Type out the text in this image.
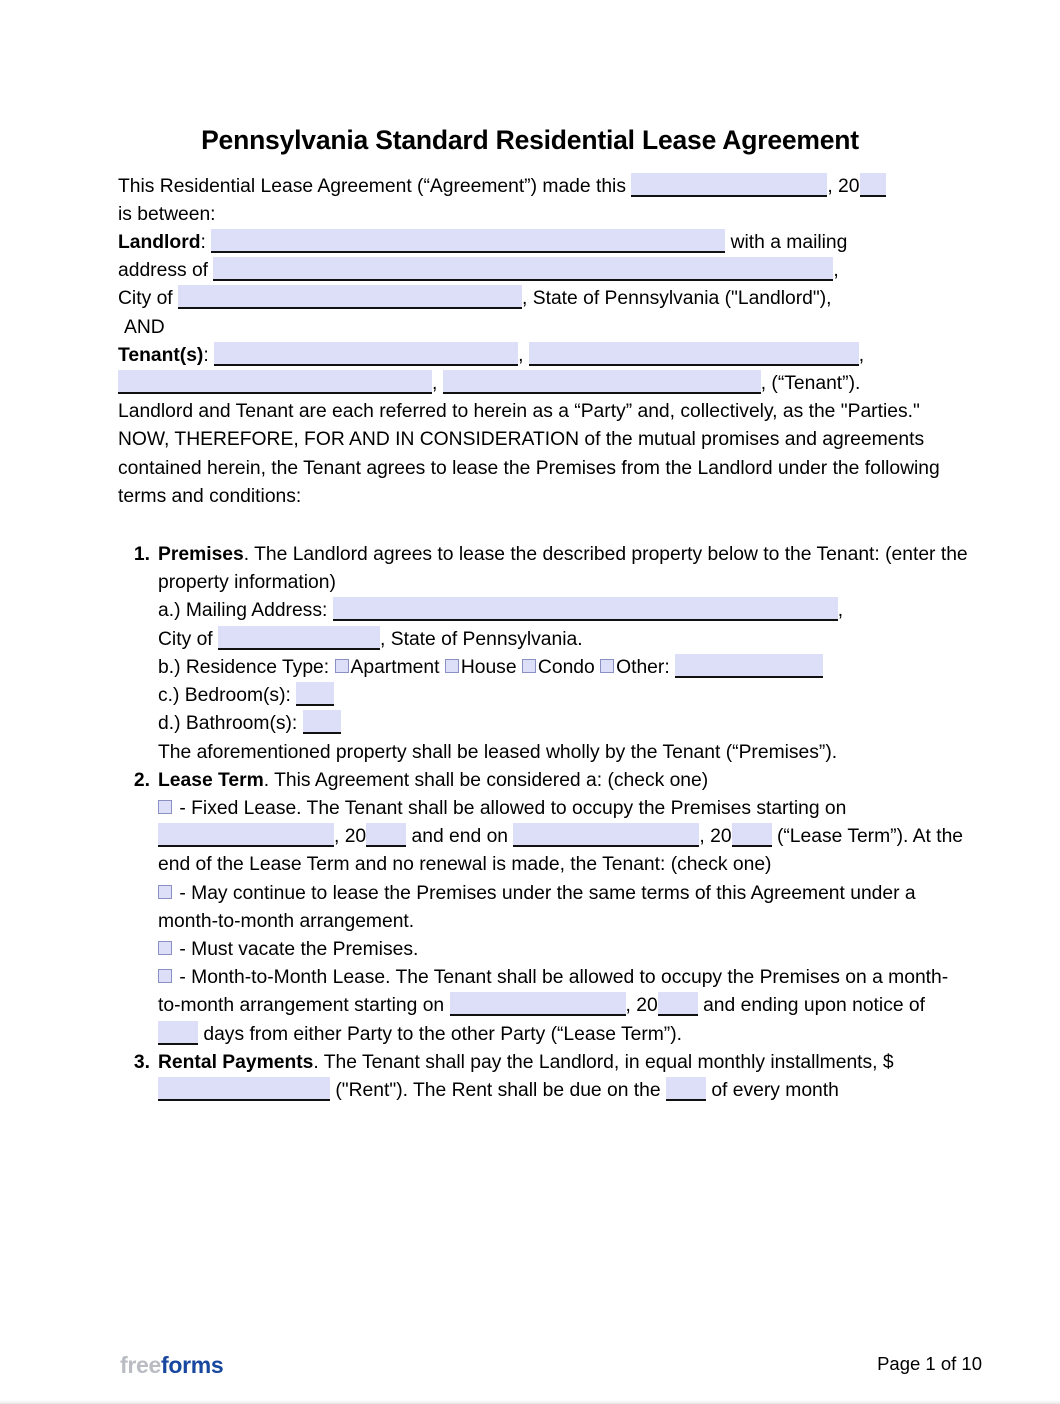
Pennsylvania Standard Residential Lease Agreement

This Residential Lease Agreement (“Agreement”) made this	, 20
is between:

Landlord:	with a mailing
address of	,
City of	, State of Pennsylvania ("Landlord"),
AND

Tenant(s):	,	,
,	, (“Tenant”).

Landlord and Tenant are each referred to herein as a “Party” and, collectively, as the "Parties."

NOW, THEREFORE, FOR AND IN CONSIDERATION of the mutual promises and agreements contained herein, the Tenant agrees to lease the Premises from the Landlord under the following terms and conditions:

1. Premises. The Landlord agrees to lease the described property below to the Tenant: (enter the property information)

a.) Mailing Address:	,

City of	, State of Pennsylvania.

b.) Residence Type: Apartment House Condo Other:

c.) Bedroom(s):

d.) Bathroom(s):

The aforementioned property shall be leased wholly by the Tenant (“Premises”).

2. Lease Term. This Agreement shall be considered a: (check one)

- Fixed Lease. The Tenant shall be allowed to occupy the Premises starting on , 20 and end on	, 20 (“Lease Term”). At the end of the Lease Term and no renewal is made, the Tenant: (check one)

- May continue to lease the Premises under the same terms of this Agreement under a month-to-month arrangement.

- Must vacate the Premises.

- Month-to-Month Lease. The Tenant shall be allowed to occupy the Premises on a month-to-month arrangement starting on	, 20 and ending upon notice of  days from either Party to the other Party (“Lease Term”).

3. Rental Payments. The Tenant shall pay the Landlord, in equal monthly installments, $ ("Rent"). The Rent shall be due on the	of every month

freeforms	Page 1 of 10
